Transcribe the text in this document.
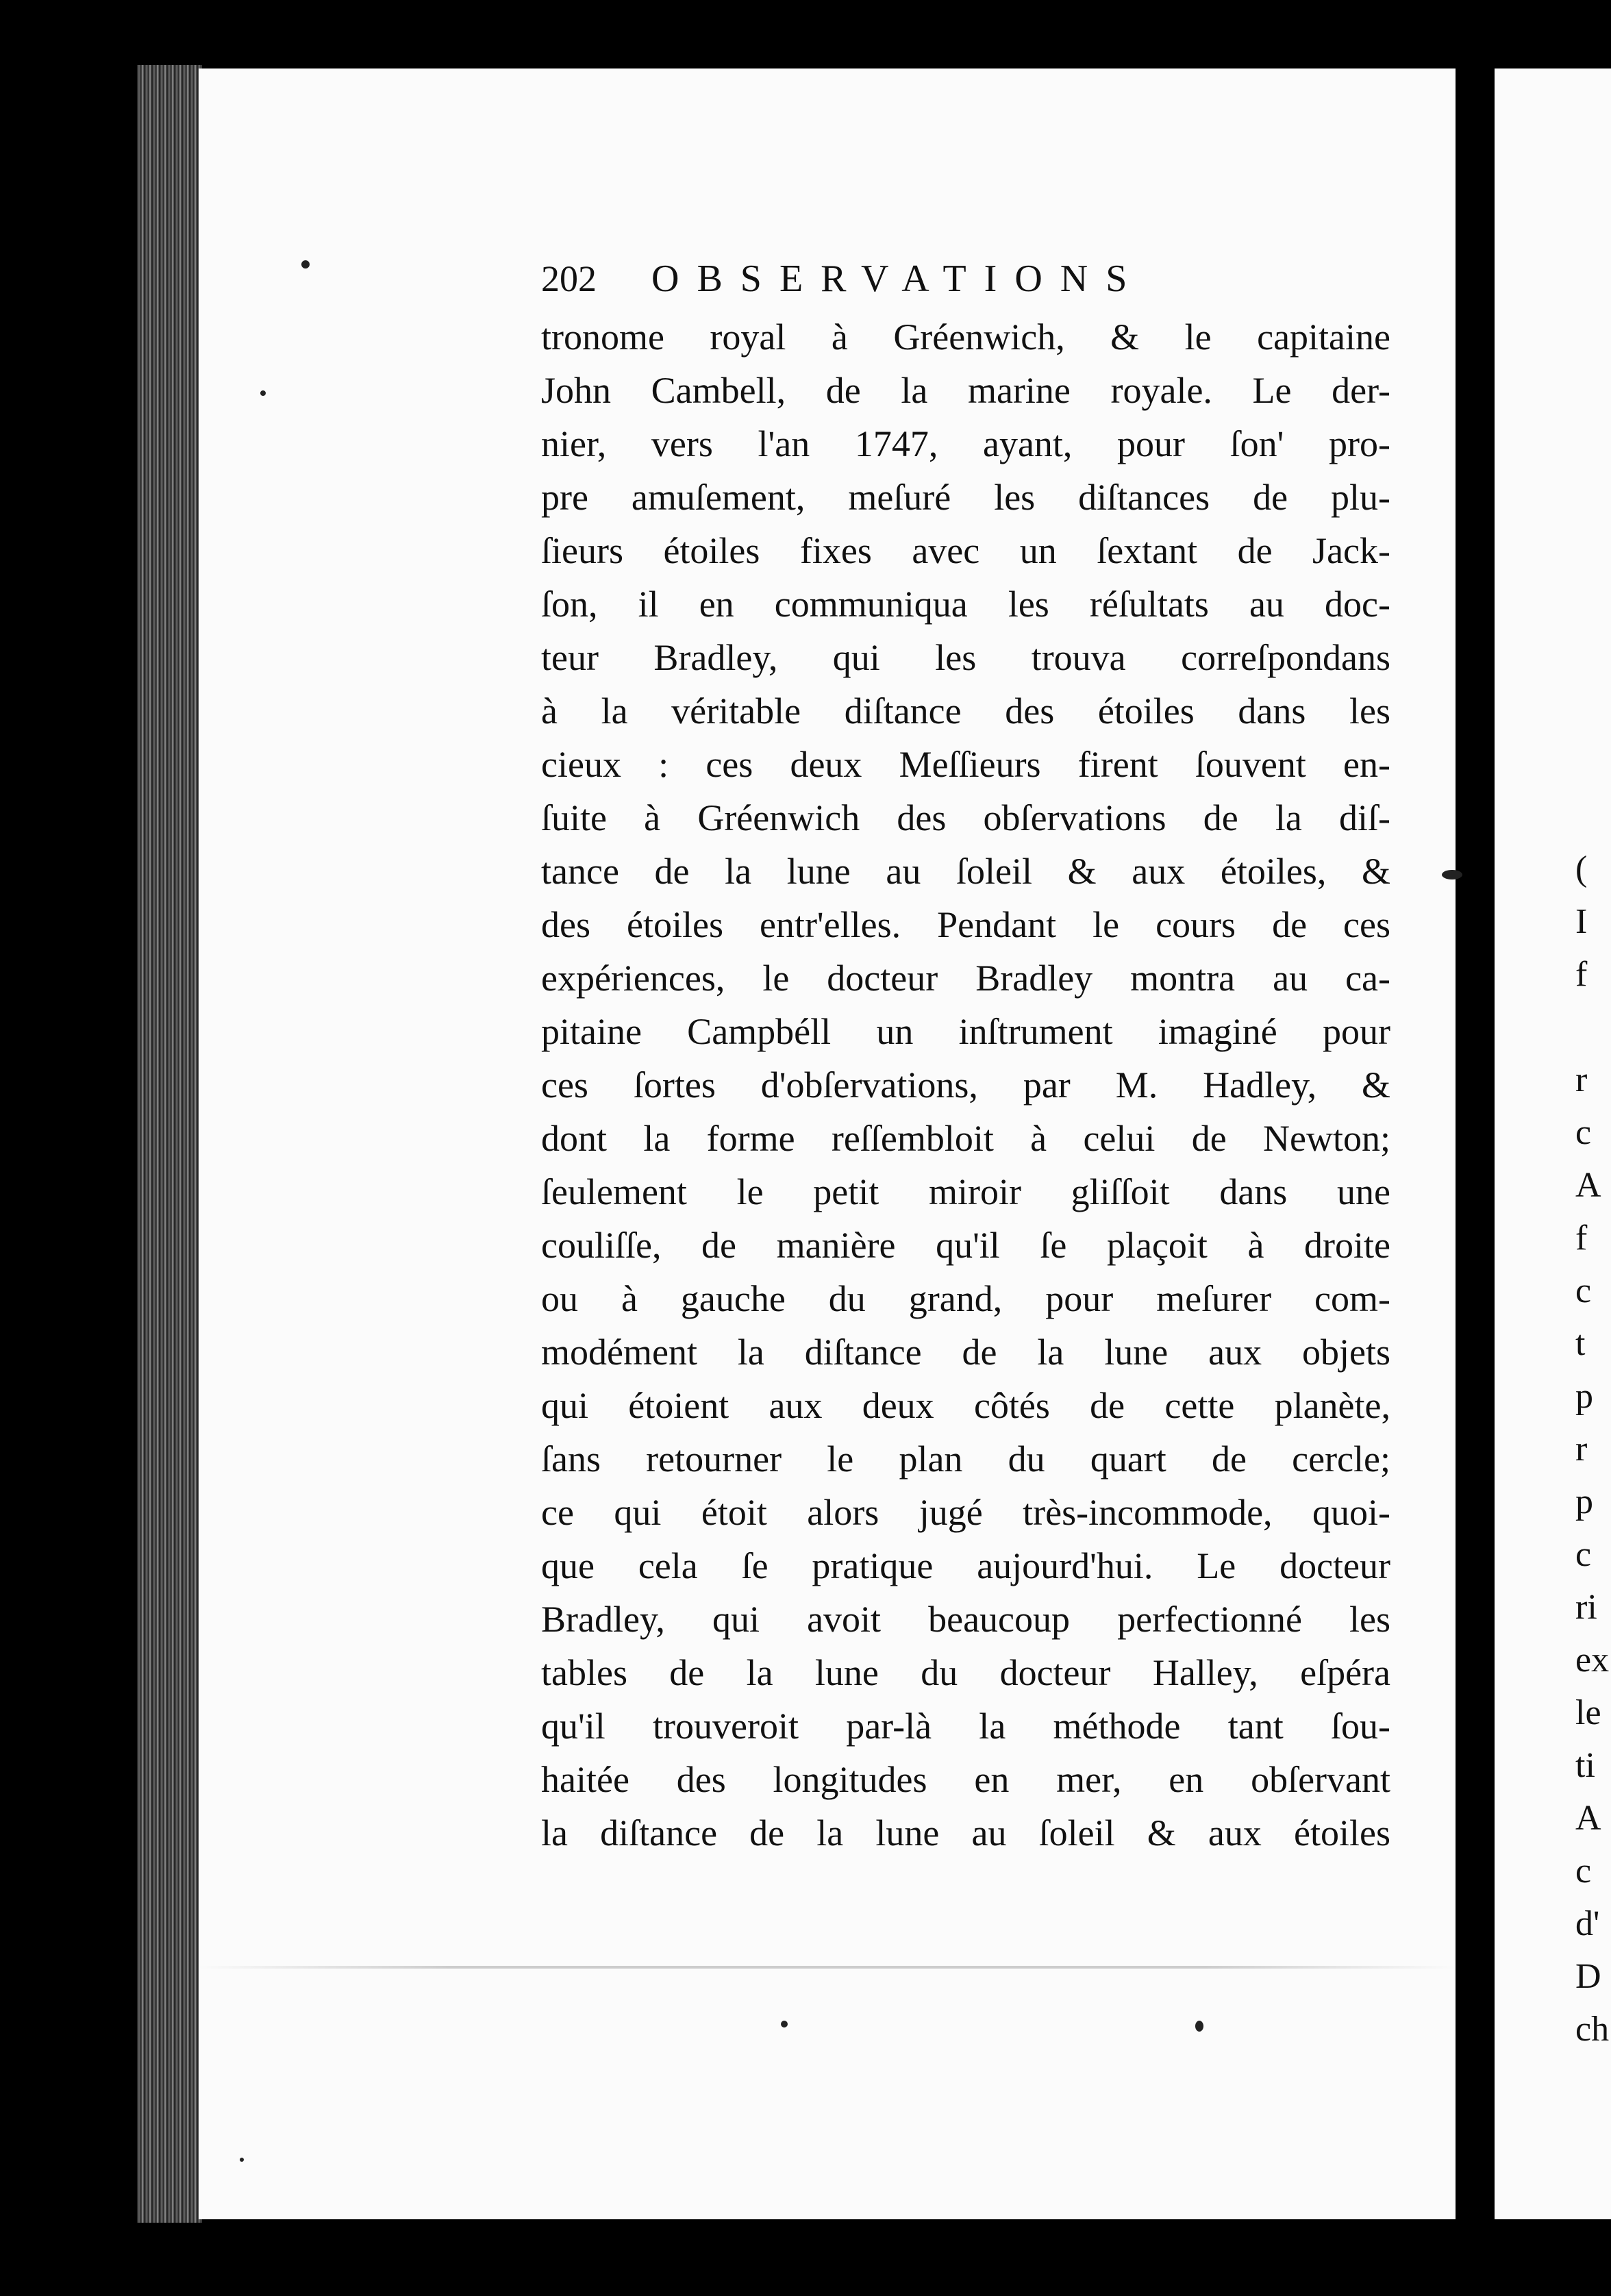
202 OBSERVATIONS
tronome royal à Gréenwich, & le capitaine
John Cambell, de la marine royale. Le der-
nier, vers l'an 1747, ayant, pour ſon' pro-
pre amuſement, meſuré les diſtances de plu-
ſieurs étoiles fixes avec un ſextant de Jack-
ſon, il en communiqua les réſultats au doc-
teur Bradley, qui les trouva correſpondans
à la véritable diſtance des étoiles dans les
cieux : ces deux Meſſieurs firent ſouvent en-
ſuite à Gréenwich des obſervations de la diſ-
tance de la lune au ſoleil & aux étoiles, &
des étoiles entr'elles. Pendant le cours de ces
expériences, le docteur Bradley montra au ca-
pitaine Campbéll un inſtrument imaginé pour
ces ſortes d'obſervations, par M. Hadley, &
dont la forme reſſembloit à celui de Newton;
ſeulement le petit miroir gliſſoit dans une
couliſſe, de manière qu'il ſe plaçoit à droite
ou à gauche du grand, pour meſurer com-
modément la diſtance de la lune aux objets
qui étoient aux deux côtés de cette planète,
ſans retourner le plan du quart de cercle;
ce qui étoit alors jugé très-incommode, quoi-
que cela ſe pratique aujourd'hui. Le docteur
Bradley, qui avoit beaucoup perfectionné les
tables de la lune du docteur Halley, eſpéra
qu'il trouveroit par-là la méthode tant ſou-
haitée des longitudes en mer, en obſervant
la diſtance de la lune au ſoleil & aux étoiles
(
I
f
r
c
A
f
c
t
p
r
p
c
ri
ex
le
ti
A
c
d'
D
ch
